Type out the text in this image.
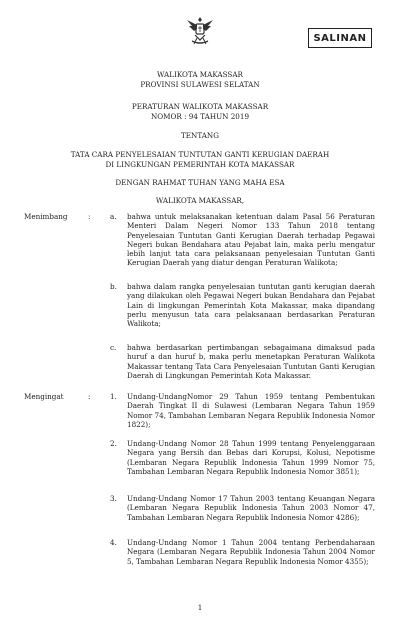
SALINAN
WALIKOTA MAKASSAR
PROVINSI SULAWESI SELATAN
PERATURAN WALIKOTA MAKASSAR
NOMOR : 94 TAHUN 2019
TENTANG
TATA CARA PENYELESAIAN TUNTUTAN GANTI KERUGIAN DAERAH
DI LINGKUNGAN PEMERINTAH KOTA MAKASSAR
DENGAN RAHMAT TUHAN YANG MAHA ESA
WALIKOTA MAKASSAR,
Menimbang	:	a.	bahwa untuk melaksanakan ketentuan dalam Pasal 56 Peraturan Menteri Dalam Negeri Nomor 133 Tahun 2018 tentang Penyelesaian Tuntutan Ganti Kerugian Daerah terhadap Pegawai Negeri bukan Bendahara atau Pejabat lain, maka perlu mengatur lebih lanjut tata cara pelaksanaan penyelesaian Tuntutan Ganti Kerugian Daerah yang diatur dengan Peraturan Walikota;
b.	bahwa dalam rangka penyelesaian tuntutan ganti kerugian daerah yang dilakukan oleh Pegawai Negeri bukan Bendahara dan Pejabat Lain di lingkungan Pemerintah Kota Makassar, maka dipandang perlu menyusun tata cara pelaksanaan berdasarkan Peraturan Walikota;
c.	bahwa berdasarkan pertimbangan sebagaimana dimaksud pada huruf a dan huruf b, maka perlu menetapkan Peraturan Walikota Makassar tentang Tata Cara Penyelesaian Tuntutan Ganti Kerugian Daerah di Lingkungan Pemerintah Kota Makassar.
Mengingat	:	1.	Undang-UndangNomor 29 Tahun 1959 tentang Pembentukan Daerah Tingkat II di Sulawesi (Lembaran Negara Tahun 1959 Nomor 74, Tambahan Lembaran Negara Republik Indonesia Nomor 1822);
2.	Undang-Undang Nomor 28 Tahun 1999 tentang Penyelenggaraan Negara yang Bersih dan Bebas dari Korupsi, Kolusi, Nepotisme (Lembaran Negara Republik Indonesia Tahun 1999 Nomor 75, Tambahan Lembaran Negara Republik Indonesia Nomor 3851);
3.	Undang-Undang Nomor 17 Tahun 2003 tentang Keuangan Negara (Lembaran Negara Republik Indonesia Tahun 2003 Nomor 47, Tambahan Lembaran Negara Republik Indonesia Nomor 4286);
4.	Undang-Undang Nomor 1 Tahun 2004 tentang Perbendaharaan Negara (Lembaran Negara Republik Indonesia Tahun 2004 Nomor 5, Tambahan Lembaran Negara Republik Indonesia Nomor 4355);
1
